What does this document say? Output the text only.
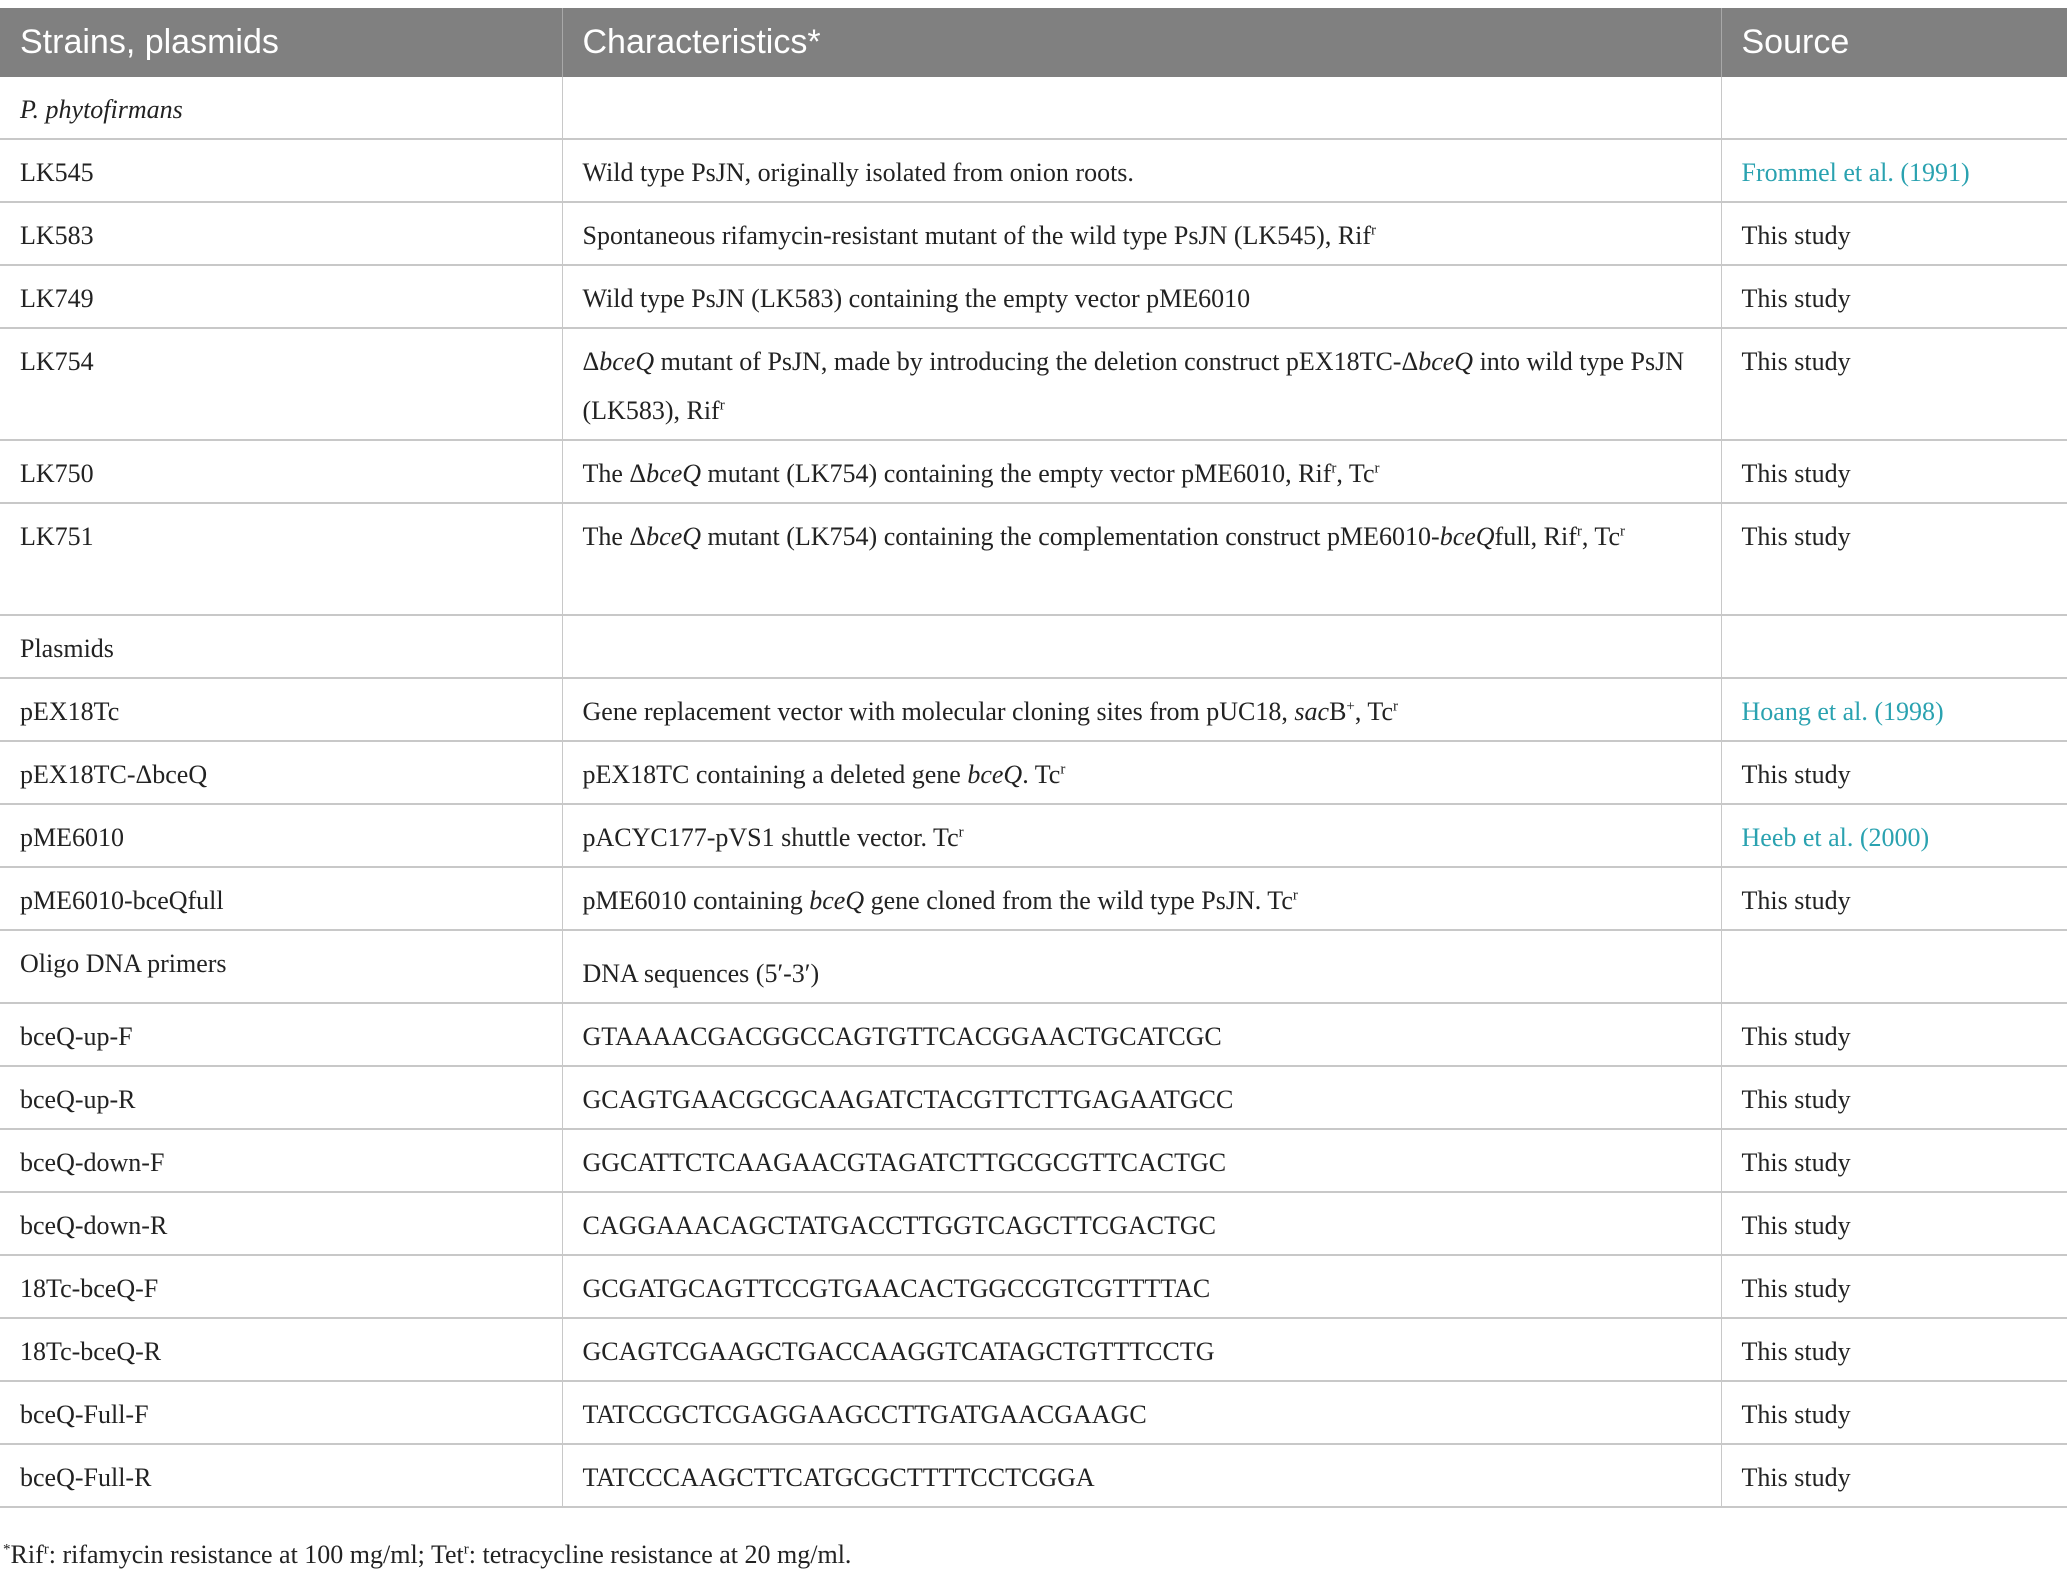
Strains, plasmids	Characteristics*	Source
P. phytofirmans		
LK545	Wild type PsJN, originally isolated from onion roots.	Frommel et al. (1991)
LK583	Spontaneous rifamycin-resistant mutant of the wild type PsJN (LK545), Rif$^r$	This study
LK749	Wild type PsJN (LK583) containing the empty vector pME6010	This study
LK754	ΔbceQ mutant of PsJN, made by introducing the deletion construct pEX18TC-ΔbceQ into wild type PsJN (LK583), Rif$^r$	This study
LK750	The ΔbceQ mutant (LK754) containing the empty vector pME6010, Rif$^r$, Tc$^r$	This study
LK751	The ΔbceQ mutant (LK754) containing the complementation construct pME6010-bceQfull, Rif$^r$, Tc$^r$	This study
Plasmids		
pEX18Tc	Gene replacement vector with molecular cloning sites from pUC18, sacB+, Tc$^r$	Hoang et al. (1998)
pEX18TC-ΔbceQ	pEX18TC containing a deleted gene bceQ. Tc$^r$	This study
pME6010	pACYC177-pVS1 shuttle vector. Tc$^r$	Heeb et al. (2000)
pME6010-bceQfull	pME6010 containing bceQ gene cloned from the wild type PsJN. Tc$^r$	This study
Oligo DNA primers	DNA sequences (5′-3′)	
bceQ-up-F	GTAAAACGACGGCCAGTGTTCACGGAACTGCATCGC	This study
bceQ-up-R	GCAGTGAACGCGCAAGATCTACGTTCTTGAGAATGCC	This study
bceQ-down-F	GGCATTCTCAAGAACGTAGATCTTGCGCGTTCACTGC	This study
bceQ-down-R	CAGGAAACAGCTATGACCTTGGTCAGCTTCGACTGC	This study
18Tc-bceQ-F	GCGATGCAGTTCCGTGAACACTGGCCGTCGTTTTAC	This study
18Tc-bceQ-R	GCAGTCGAAGCTGACCAAGGTCATAGCTGTTTCCTG	This study
bceQ-Full-F	TATCCGCTCGAGGAAGCCTTGATGAACGAAGC	This study
bceQ-Full-R	TATCCCAAGCTTCATGCGCTTTTCCTCGGA	This study
*Rif$^r$: rifamycin resistance at 100 mg/ml; Tet$^r$: tetracycline resistance at 20 mg/ml.
